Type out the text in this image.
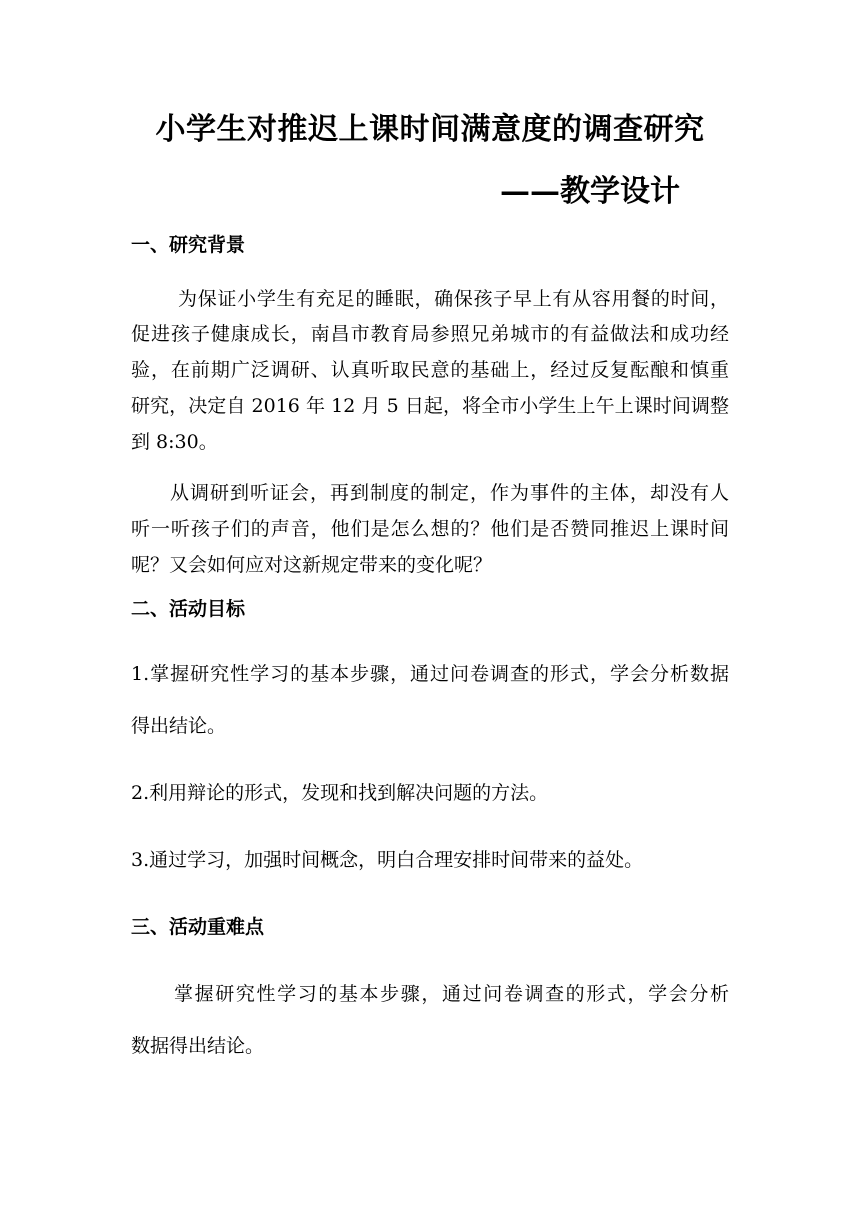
小学生对推迟上课时间满意度的调查研究
——教学设计
一、研究背景
为保证小学生有充足的睡眠，确保孩子早上有从容用餐的时间，
促进孩子健康成长，南昌市教育局参照兄弟城市的有益做法和成功经
验，在前期广泛调研、认真听取民意的基础上，经过反复酝酿和慎重
研究，决定自 2016 年 12 月 5 日起，将全市小学生上午上课时间调整
到 8:30。
从调研到听证会，再到制度的制定，作为事件的主体，却没有人
听一听孩子们的声音，他们是怎么想的？他们是否赞同推迟上课时间
呢？又会如何应对这新规定带来的变化呢？
二、活动目标
1.掌握研究性学习的基本步骤，通过问卷调查的形式，学会分析数据
得出结论。
2.利用辩论的形式，发现和找到解决问题的方法。
3.通过学习，加强时间概念，明白合理安排时间带来的益处。
三、活动重难点
掌握研究性学习的基本步骤，通过问卷调查的形式，学会分析
数据得出结论。
